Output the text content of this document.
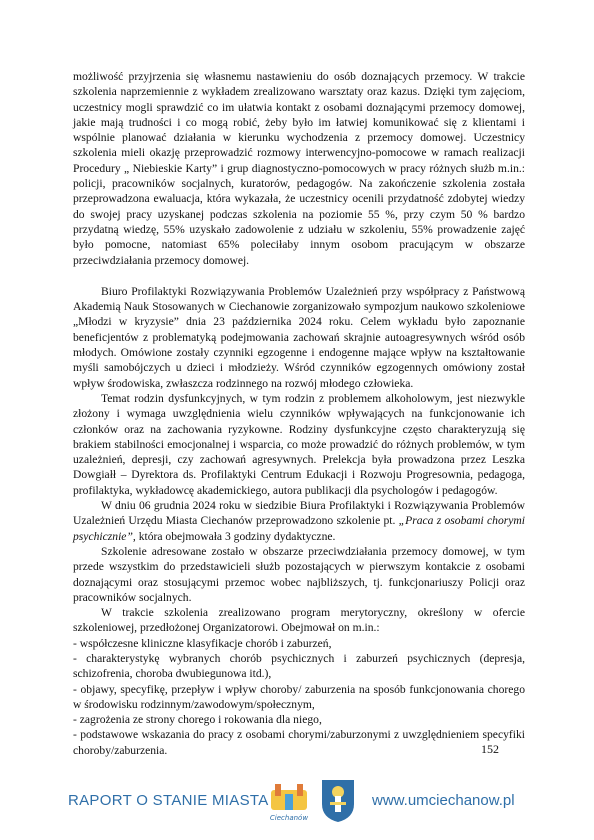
możliwość przyjrzenia się własnemu nastawieniu do osób doznających przemocy. W trakcie szkolenia naprzemiennie z wykładem zrealizowano warsztaty oraz kazus. Dzięki tym zajęciom, uczestnicy mogli sprawdzić co im ułatwia kontakt z osobami doznającymi przemocy domowej, jakie mają trudności i co mogą robić, żeby było im łatwiej komunikować się z klientami i wspólnie planować działania w kierunku wychodzenia z przemocy domowej. Uczestnicy szkolenia mieli okazję przeprowadzić rozmowy interwencyjno-pomocowe w ramach realizacji Procedury „ Niebieskie Karty” i grup diagnostyczno-pomocowych w pracy różnych służb m.in.: policji, pracowników socjalnych, kuratorów, pedagogów. Na zakończenie szkolenia została przeprowadzona ewaluacja, która wykazała, że uczestnicy ocenili przydatność zdobytej wiedzy do swojej pracy uzyskanej podczas szkolenia na poziomie 55 %, przy czym 50 % bardzo przydatną wiedzę, 55% uzyskało zadowolenie z udziału w szkoleniu, 55% prowadzenie zajęć było pomocne, natomiast 65% poleciłaby innym osobom pracującym w obszarze przeciwdziałania przemocy domowej.

Biuro Profilaktyki Rozwiązywania Problemów Uzależnień przy współpracy z Państwową Akademią Nauk Stosowanych w Ciechanowie zorganizowało sympozjum naukowo szkoleniowe „Młodzi w kryzysie” dnia 23 października 2024 roku. Celem wykładu było zapoznanie beneficjentów z problematyką podejmowania zachowań skrajnie autoagresywnych wśród osób młodych. Omówione zostały czynniki egzogenne i endogenne mające wpływ na kształtowanie myśli samobójczych u dzieci i młodzieży. Wśród czynników egzogennych omówiony został wpływ środowiska, zwłaszcza rodzinnego na rozwój młodego człowieka.

Temat rodzin dysfunkcyjnych, w tym rodzin z problemem alkoholowym, jest niezwykle złożony i wymaga uwzględnienia wielu czynników wpływających na funkcjonowanie ich członków oraz na zachowania ryzykowne. Rodziny dysfunkcyjne często charakteryzują się brakiem stabilności emocjonalnej i wsparcia, co może prowadzić do różnych problemów, w tym uzależnień, depresji, czy zachowań agresywnych. Prelekcja była prowadzona przez Leszka Dowgiałł – Dyrektora ds. Profilaktyki Centrum Edukacji i Rozwoju Progresownia, pedagoga, profilaktyka, wykładowcę akademickiego, autora publikacji dla psychologów i pedagogów.

W dniu 06 grudnia 2024 roku w siedzibie Biura Profilaktyki i Rozwiązywania Problemów Uzależnień Urzędu Miasta Ciechanów przeprowadzono szkolenie pt. „Praca z osobami chorymi psychicznie”, która obejmowała 3 godziny dydaktyczne.

Szkolenie adresowane zostało w obszarze przeciwdziałania przemocy domowej, w tym przede wszystkim do przedstawicieli służb pozostających w pierwszym kontakcie z osobami doznającymi oraz stosującymi przemoc wobec najbliższych, tj. funkcjonariuszy Policji oraz pracowników socjalnych.

W trakcie szkolenia zrealizowano program merytoryczny, określony w ofercie szkoleniowej, przedłożonej Organizatorowi. Obejmował on m.in.:

- współczesne kliniczne klasyfikacje chorób i zaburzeń,

- charakterystykę wybranych chorób psychicznych i zaburzeń psychicznych (depresja, schizofrenia, choroba dwubiegunowa itd.),

- objawy, specyfikę, przepływ i wpływ choroby/ zaburzenia na sposób funkcjonowania chorego w środowisku rodzinnym/zawodowym/społecznym,

- zagrożenia ze strony chorego i rokowania dla niego,

- podstawowe wskazania do pracy z osobami chorymi/zaburzonymi z uwzględnieniem specyfiki choroby/zaburzenia.	152
RAPORT O STANIE MIASTA
Ciechanów
www.umciechanow.pl
